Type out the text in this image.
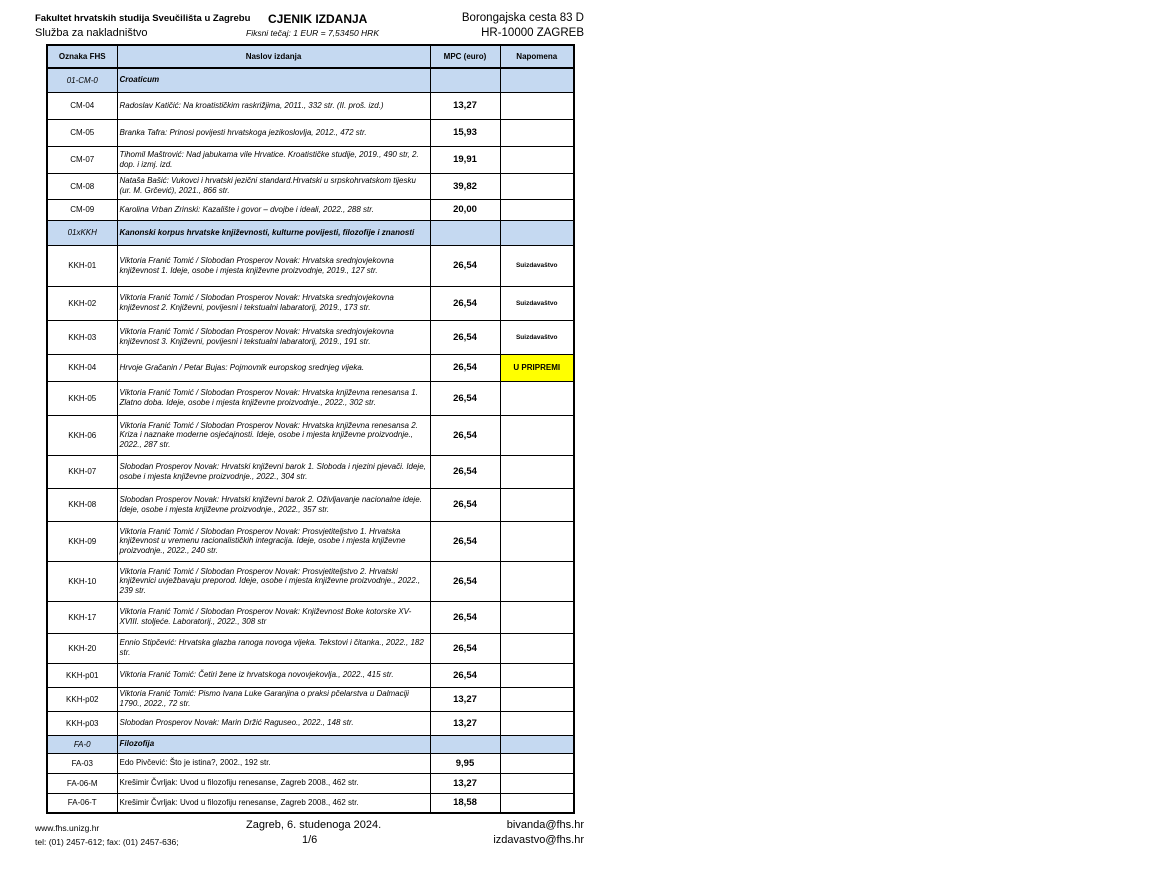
Fakultet hrvatskih studija Sveučilišta u Zagrebu
Služba za nakladništvo
CJENIK IZDANJA
Fiksni tečaj: 1 EUR = 7,53450 HRK
Borongajska cesta 83 D
HR-10000 ZAGREB
Oznaka FHS	Naslov izdanja	MPC (euro)	Napomena
01-CM-0	Croaticum		
CM-04	Radoslav Katičić: Na kroatističkim raskrižjima, 2011., 332 str. (II. proš. izd.)	13,27	
CM-05	Branka Tafra: Prinosi povijesti hrvatskoga jezikoslovlja, 2012., 472 str.	15,93	
CM-07	Tihomil Maštrović: Nad jabukama vile Hrvatice. Kroatističke studije, 2019., 490 str, 2. dop. i izmj. izd.	19,91	
CM-08	Nataša Bašić: Vukovci i hrvatski jezični standard.Hrvatski u srpskohrvatskom tijesku (ur. M. Grčević), 2021., 866 str.	39,82	
CM-09	Karolina Vrban Zrinski: Kazalište i govor – dvojbe i ideali, 2022., 288 str.	20,00	
01xKKH	Kanonski korpus hrvatske književnosti, kulturne povijesti, filozofije i znanosti		
KKH-01	Viktoria Franić Tomić / Slobodan Prosperov Novak: Hrvatska srednjovjekovna književnost 1. Ideje, osobe i mjesta književne proizvodnje, 2019., 127 str.	26,54	Suizdavaštvo
KKH-02	Viktoria Franić Tomić / Slobodan Prosperov Novak: Hrvatska srednjovjekovna književnost 2. Književni, povijesni i tekstualni labaratorij, 2019., 173 str.	26,54	Suizdavaštvo
KKH-03	Viktoria Franić Tomić / Slobodan Prosperov Novak: Hrvatska srednjovjekovna književnost 3. Književni, povijesni i tekstualni labaratorij, 2019., 191 str.	26,54	Suizdavaštvo
KKH-04	Hrvoje Gračanin / Petar Bujas: Pojmovnik europskog srednjeg vijeka.	26,54	U PRIPREMI
KKH-05	Viktoria Franić Tomić / Slobodan Prosperov Novak: Hrvatska književna renesansa 1. Zlatno doba. Ideje, osobe i mjesta književne proizvodnje., 2022., 302 str.	26,54	
KKH-06	Viktoria Franić Tomić / Slobodan Prosperov Novak: Hrvatska književna renesansa 2. Kriza i naznake moderne osjećajnosti. Ideje, osobe i mjesta književne proizvodnje., 2022., 287 str.	26,54	
KKH-07	Slobodan Prosperov Novak: Hrvatski književni barok 1. Sloboda i njezini pjevači. Ideje, osobe i mjesta književne proizvodnje., 2022., 304 str.	26,54	
KKH-08	Slobodan Prosperov Novak: Hrvatski književni barok 2. Oživljavanje nacionalne ideje. Ideje, osobe i mjesta književne proizvodnje., 2022., 357 str.	26,54	
KKH-09	Viktoria Franić Tomić / Slobodan Prosperov Novak: Prosvjetiteljstvo 1. Hrvatska književnost u vremenu racionalističkih integracija. Ideje, osobe i mjesta književne proizvodnje., 2022., 240 str.	26,54	
KKH-10	Viktoria Franić Tomić / Slobodan Prosperov Novak: Prosvjetiteljstvo 2. Hrvatski književnici uvježbavaju preporod. Ideje, osobe i mjesta književne proizvodnje., 2022., 239 str.	26,54	
KKH-17	Viktoria Franić Tomić / Slobodan Prosperov Novak: Književnost Boke kotorske XV-XVIII. stoljeće. Laboratorij., 2022., 308 str	26,54	
KKH-20	Ennio Stipčević: Hrvatska glazba ranoga novoga vijeka. Tekstovi i čitanka., 2022., 182 str.	26,54	
KKH-p01	Viktoria Franić Tomić: Četiri žene iz hrvatskoga novovjekovlja., 2022., 415 str.	26,54	
KKH-p02	Viktoria Franić Tomić: Pismo Ivana Luke Garanjina o praksi pčelarstva u Dalmaciji 1790., 2022., 72 str.	13,27	
KKH-p03	Slobodan Prosperov Novak: Marin Držić Raguseo., 2022., 148 str.	13,27	
FA-0	Filozofija		
FA-03	Edo Pivčević: Što je istina?, 2002., 192 str.	9,95	
FA-06-M	Krešimir Čvrljak: Uvod u filozofiju renesanse, Zagreb 2008., 462 str.	13,27	
FA-06-T	Krešimir Čvrljak: Uvod u filozofiju renesanse, Zagreb 2008., 462 str.	18,58	
www.fhs.unizg.hr
tel: (01) 2457-612; fax: (01) 2457-636;
Zagreb, 6. studenoga 2024.
1/6
bivanda@fhs.hr
izdavastvo@fhs.hr
